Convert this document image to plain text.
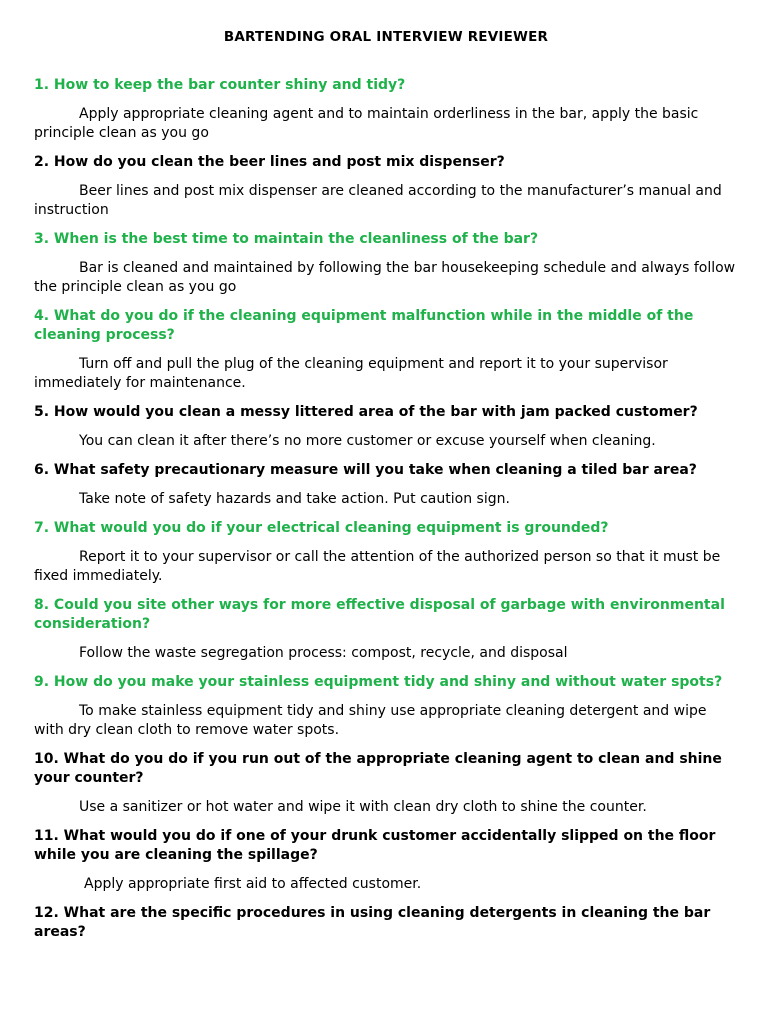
BARTENDING ORAL INTERVIEW REVIEWER
1. How to keep the bar counter shiny and tidy?
Apply appropriate cleaning agent and to maintain orderliness in the bar, apply the basic principle clean as you go
2. How do you clean the beer lines and post mix dispenser?
Beer lines and post mix dispenser are cleaned according to the manufacturer’s manual and instruction
3. When is the best time to maintain the cleanliness of the bar?
Bar is cleaned and maintained by following the bar housekeeping schedule and always follow the principle clean as you go
4. What do you do if the cleaning equipment malfunction while in the middle of the cleaning process?
Turn off and pull the plug of the cleaning equipment and report it to your supervisor immediately for maintenance.
5. How would you clean a messy littered area of the bar with jam packed customer?
You can clean it after there’s no more customer or excuse yourself when cleaning.
6. What safety precautionary measure will you take when cleaning a tiled bar area?
Take note of safety hazards and take action. Put caution sign.
7. What would you do if your electrical cleaning equipment is grounded?
Report it to your supervisor or call the attention of the authorized person so that it must be fixed immediately.
8. Could you site other ways for more effective disposal of garbage with environmental consideration?
Follow the waste segregation process: compost, recycle, and disposal
9. How do you make your stainless equipment tidy and shiny and without water spots?
To make stainless equipment tidy and shiny use appropriate cleaning detergent and wipe with dry clean cloth to remove water spots.
10. What do you do if you run out of the appropriate cleaning agent to clean and shine your counter?
Use a sanitizer or hot water and wipe it with clean dry cloth to shine the counter.
11. What would you do if one of your drunk customer accidentally slipped on the floor while you are cleaning the spillage?
Apply appropriate first aid to affected customer.
12. What are the specific procedures in using cleaning detergents in cleaning the bar areas?
